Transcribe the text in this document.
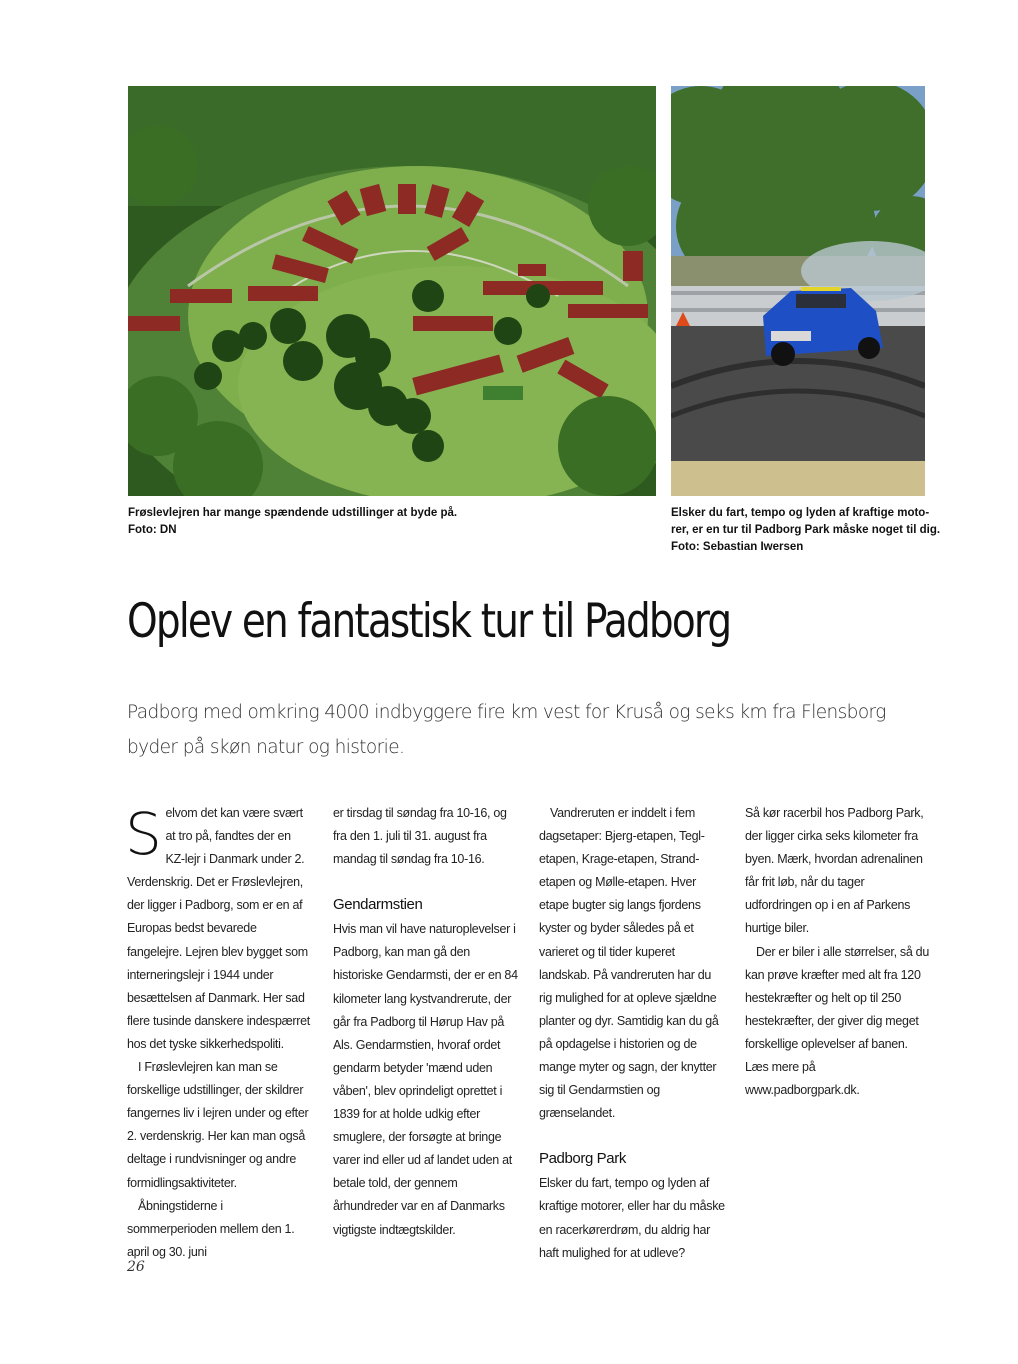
Frøslevlejren har mange spændende udstillinger at byde på.
Foto: DN
Elsker du fart, tempo og lyden af kraftige moto-
rer, er en tur til Padborg Park måske noget til dig.
Foto: Sebastian Iwersen
Oplev en fantastisk tur til Padborg

Padborg med omkring 4000 indbyggere fire km vest for Kruså og seks km fra Flensborg byder på skøn natur og historie.

Selvom det kan være svært at tro på, fandtes der en KZ-lejr i Danmark under 2. Verdenskrig. Det er Frøslevlejren, der ligger i Padborg, som er en af Europas bedst bevarede fangelejre. Lejren blev bygget som interneringslejr i 1944 under besættelsen af Danmark. Her sad flere tusinde danskere indespærret hos det tyske sikkerhedspoliti.

I Frøslevlejren kan man se forskellige udstillinger, der skildrer fangernes liv i lejren under og efter 2. verdenskrig. Her kan man også deltage i rundvisninger og andre formidlingsaktiviteter.

Åbningstiderne i sommerperioden mellem den 1. april og 30. juni

er tirsdag til søndag fra 10-16, og fra den 1. juli til 31. august fra mandag til søndag fra 10-16.

Gendarmstien

Hvis man vil have naturoplevelser i Padborg, kan man gå den historiske Gendarmsti, der er en 84 kilometer lang kystvandrerute, der går fra Padborg til Hørup Hav på Als. Gendarmstien, hvoraf ordet gendarm betyder 'mænd uden våben', blev oprindeligt oprettet i 1839 for at holde udkig efter smuglere, der forsøgte at bringe varer ind eller ud af landet uden at betale told, der gennem århundreder var en af Danmarks vigtigste indtægtskilder.

Vandreruten er inddelt i fem dagsetaper: Bjerg-etapen, Tegl-etapen, Krage-etapen, Strand-etapen og Mølle-etapen. Hver etape bugter sig langs fjordens kyster og byder således på et varieret og til tider kuperet landskab. På vandreruten har du rig mulighed for at opleve sjældne planter og dyr. Samtidig kan du gå på opdagelse i historien og de mange myter og sagn, der knytter sig til Gendarmstien og grænselandet.

Padborg Park

Elsker du fart, tempo og lyden af kraftige motorer, eller har du måske en racerkørerdrøm, du aldrig har haft mulighed for at udleve?

Så kør racerbil hos Padborg Park, der ligger cirka seks kilometer fra byen. Mærk, hvordan adrenalinen får frit løb, når du tager udfordringen op i en af Parkens hurtige biler.

Der er biler i alle størrelser, så du kan prøve kræfter med alt fra 120 hestekræfter og helt op til 250 hestekræfter, der giver dig meget forskellige oplevelser af banen. Læs mere på www.padborgpark.dk.

26
